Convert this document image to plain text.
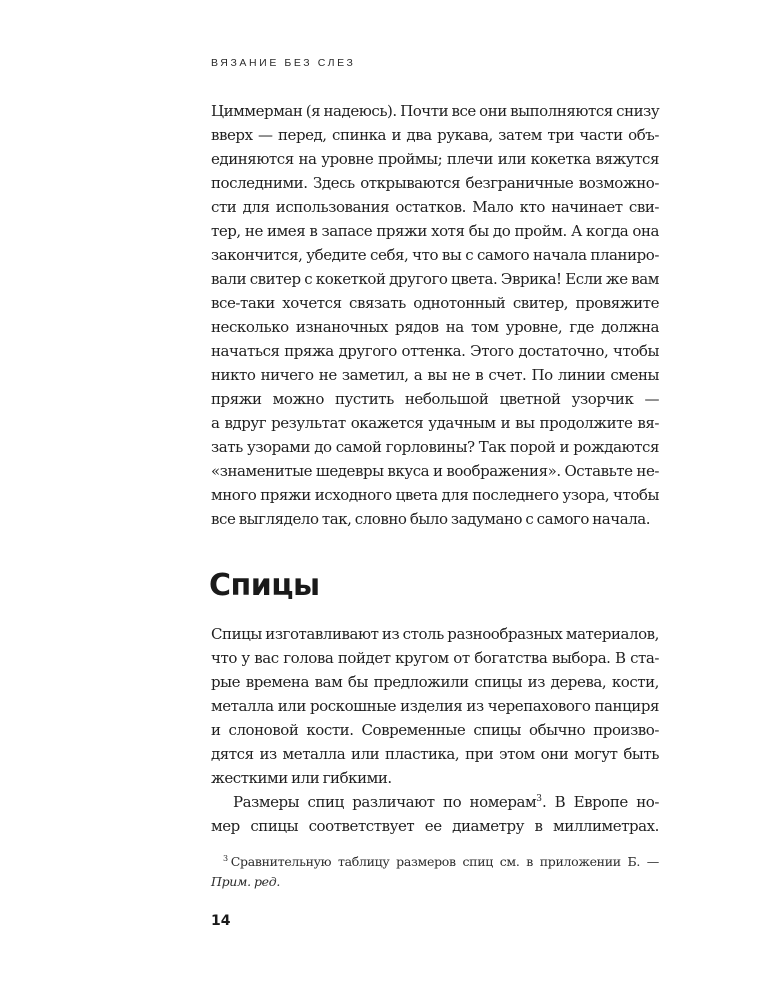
ВЯЗАНИЕ БЕЗ СЛЕЗ
Циммерман (я надеюсь). Почти все они выполняются снизу
вверх — перед, спинка и два рукава, затем три части объ-
единяются на уровне проймы; плечи или кокетка вяжутся
последними. Здесь открываются безграничные возможно-
сти для использования остатков. Мало кто начинает сви-
тер, не имея в запасе пряжи хотя бы до пройм. А когда она
закончится, убедите себя, что вы с самого начала планиро-
вали свитер с кокеткой другого цвета. Эврика! Если же вам
все-таки хочется связать однотонный свитер, провяжите
несколько изнаночных рядов на том уровне, где должна
начаться пряжа другого оттенка. Этого достаточно, чтобы
никто ничего не заметил, а вы не в счет. По линии смены
пряжи можно пустить небольшой цветной узорчик —
а вдруг результат окажется удачным и вы продолжите вя-
зать узорами до самой горловины? Так порой и рождаются
«знаменитые шедевры вкуса и воображения». Оставьте не-
много пряжи исходного цвета для последнего узора, чтобы
все выглядело так, словно было задумано с самого начала.
Спицы
Спицы изготавливают из столь разнообразных материалов,
что у вас голова пойдет кругом от богатства выбора. В ста-
рые времена вам бы предложили спицы из дерева, кости,
металла или роскошные изделия из черепахового панциря
и слоновой кости. Современные спицы обычно произво-
дятся из металла или пластика, при этом они могут быть
жесткими или гибкими.
Размеры спиц различают по номерам$^3$. В Европе но-
мер спицы соответствует ее диаметру в миллиметрах.
$^3$ Сравнительную таблицу размеров спиц см. в приложении Б. —
Прим. ред.
14
